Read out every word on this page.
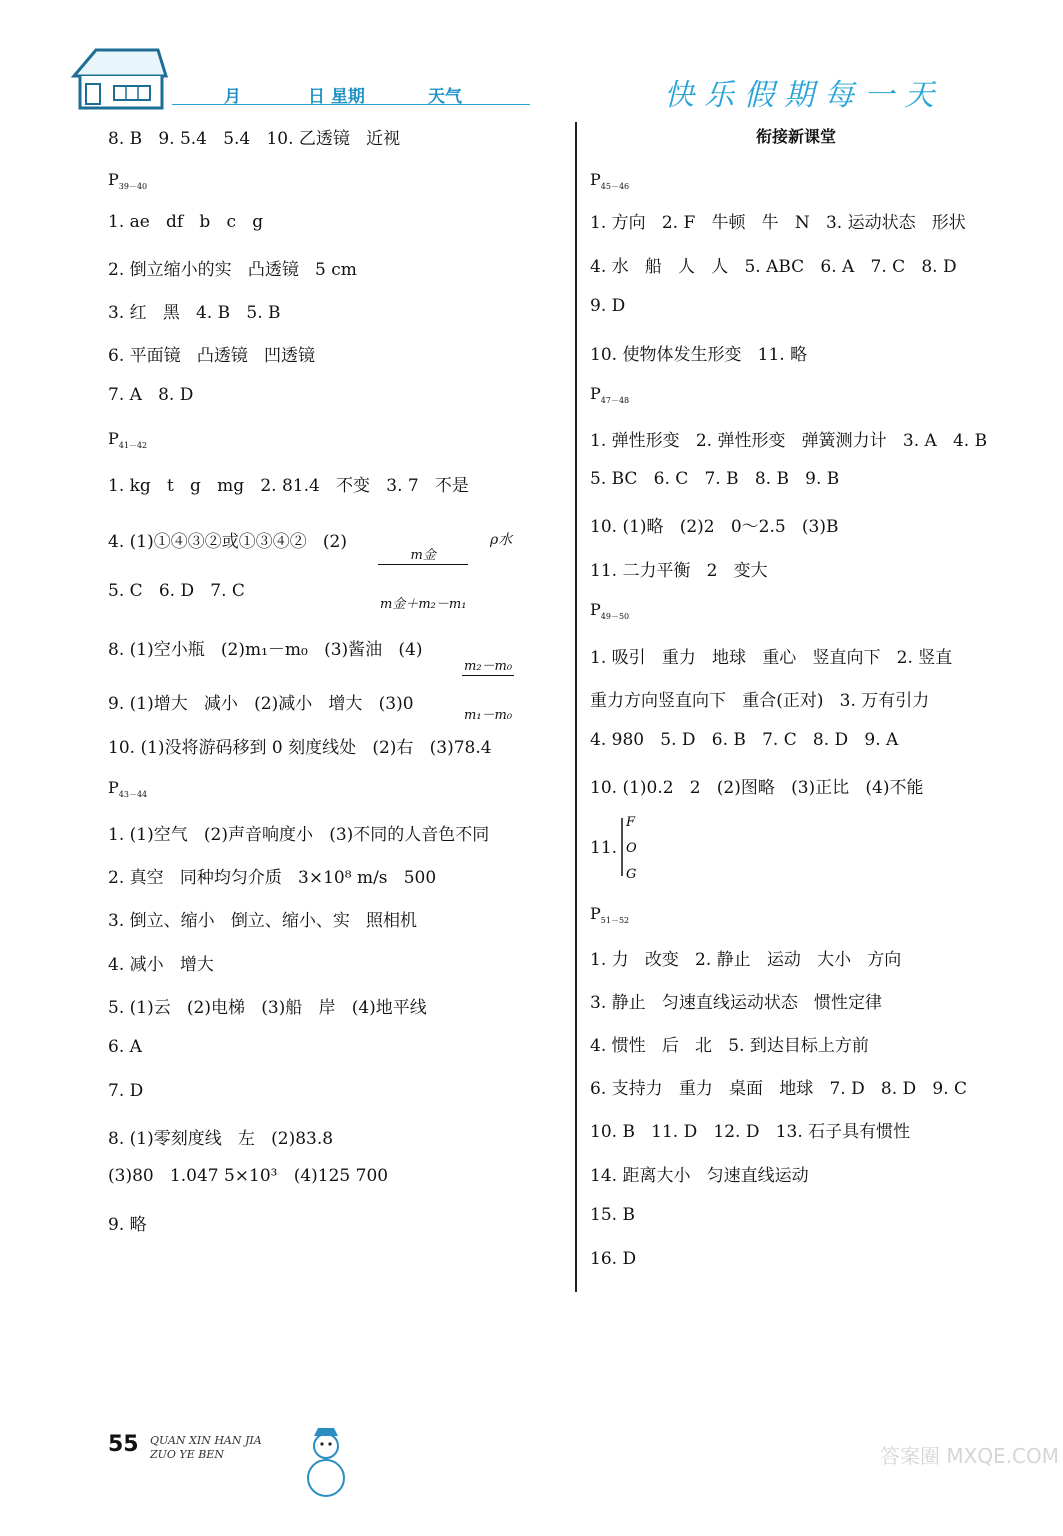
月	日 星期	天气	快乐假期每一天
8. B   9. 5.4   5.4   10. 乙透镜   近视
$P_{39-40}$
1. ae   df   b   c   g
2. 倒立缩小的实   凸透镜   5 cm
3. 红   黑   4. B   5. B
6. 平面镜   凸透镜   凹透镜
7. A   8. D
$P_{41-42}$
1. kg   t   g   mg   2. 81.4   不变   3. 7   不是
4. (1)①④③②或①③④②   (2)
5. C   6. D   7. C
8. (1)空小瓶   (2)m₁－m₀   (3)酱油   (4)
9. (1)增大   减小   (2)减小   增大   (3)0
10. (1)没将游码移到 0 刻度线处   (2)右   (3)78.4
$P_{43-44}$
1. (1)空气   (2)声音响度小   (3)不同的人音色不同
2. 真空   同种均匀介质   3×10⁸ m/s   500
3. 倒立、缩小   倒立、缩小、实   照相机
4. 减小   增大
5. (1)云   (2)电梯   (3)船   岸   (4)地平线
6. A
7. D
8. (1)零刻度线   左   (2)83.8
(3)80   1.047 5×10³   (4)125 700
9. 略
衔接新课堂
$P_{45-46}$
1. 方向   2. F   牛顿   牛   N   3. 运动状态   形状
4. 水   船   人   人   5. ABC   6. A   7. C   8. D
9. D
10. 使物体发生形变   11. 略
$P_{47-48}$
1. 弹性形变   2. 弹性形变   弹簧测力计   3. A   4. B
5. BC   6. C   7. B   8. B   9. B
10. (1)略   (2)2   0～2.5   (3)B
11. 二力平衡   2   变大
$P_{49-50}$
1. 吸引   重力   地球   重心   竖直向下   2. 竖直
重力方向竖直向下   重合(正对)   3. 万有引力
4. 980   5. D   6. B   7. C   8. D   9. A
10. (1)0.2   2   (2)图略   (3)正比   (4)不能
11.
$P_{51-52}$
1. 力   改变   2. 静止   运动   大小   方向
3. 静止   匀速直线运动状态   惯性定律
4. 惯性   后   北   5. 到达目标上方前
6. 支持力   重力   桌面   地球   7. D   8. D   9. C
10. B   11. D   12. D   13. 石子具有惯性
14. 距离大小   匀速直线运动
15. B
16. D

m金

m金＋m₂－m₁

ρ水

$\frac{\text{m₂－m₀}}{\text{m₁－m₀}}$

F
O
G
55 QUAN XIN HAN JIA
ZUO YE BEN	答案圈 MXQE.COM
